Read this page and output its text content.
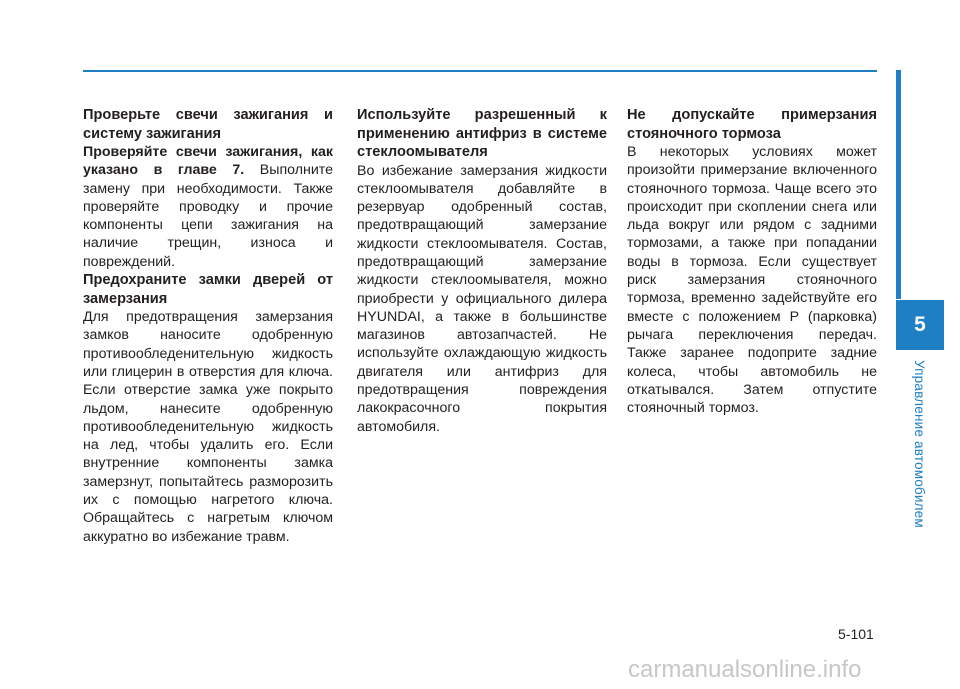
Проверьте свечи зажигания и систему зажигания

Проверяйте свечи зажигания, как указано в главе 7. Выполните замену при необходимости. Также проверяйте проводку и прочие компоненты цепи зажигания на наличие трещин, износа и повреждений.

Предохраните замки дверей от замерзания

Для предотвращения замерзания замков наносите одобренную противообледенительную жидкость или глицерин в отверстия для ключа. Если отверстие замка уже покрыто льдом, нанесите одобренную противообледенительную жидкость на лед, чтобы удалить его. Если внутренние компоненты замка замерзнут, попытайтесь разморозить их с помощью нагретого ключа. Обращайтесь с нагретым ключом аккуратно во избежание травм.

Используйте разрешенный к применению антифриз в системе стеклоомывателя

Во избежание замерзания жидкости стеклоомывателя добавляйте в резервуар одобренный состав, предотвращающий замерзание жидкости стеклоомывателя. Состав, предотвращающий замерзание жидкости стеклоомывателя, можно приобрести у официального дилера HYUNDAI, а также в большинстве магазинов автозапчастей. Не используйте охлаждающую жидкость двигателя или антифриз для предотвращения повреждения лакокрасочного покрытия автомобиля.

Не допускайте примерзания стояночного тормоза

В некоторых условиях может произойти примерзание включенного стояночного тормоза. Чаще всего это происходит при скоплении снега или льда вокруг или рядом с задними тормозами, а также при попадании воды в тормоза. Если существует риск замерзания стояночного тормоза, временно задействуйте его вместе с положением P (парковка) рычага переключения передач. Также заранее подоприте задние колеса, чтобы автомобиль не откатывался. Затем отпустите стояночный тормоз.

5
Управление автомобилем
5-101
carmanualsonline.info
